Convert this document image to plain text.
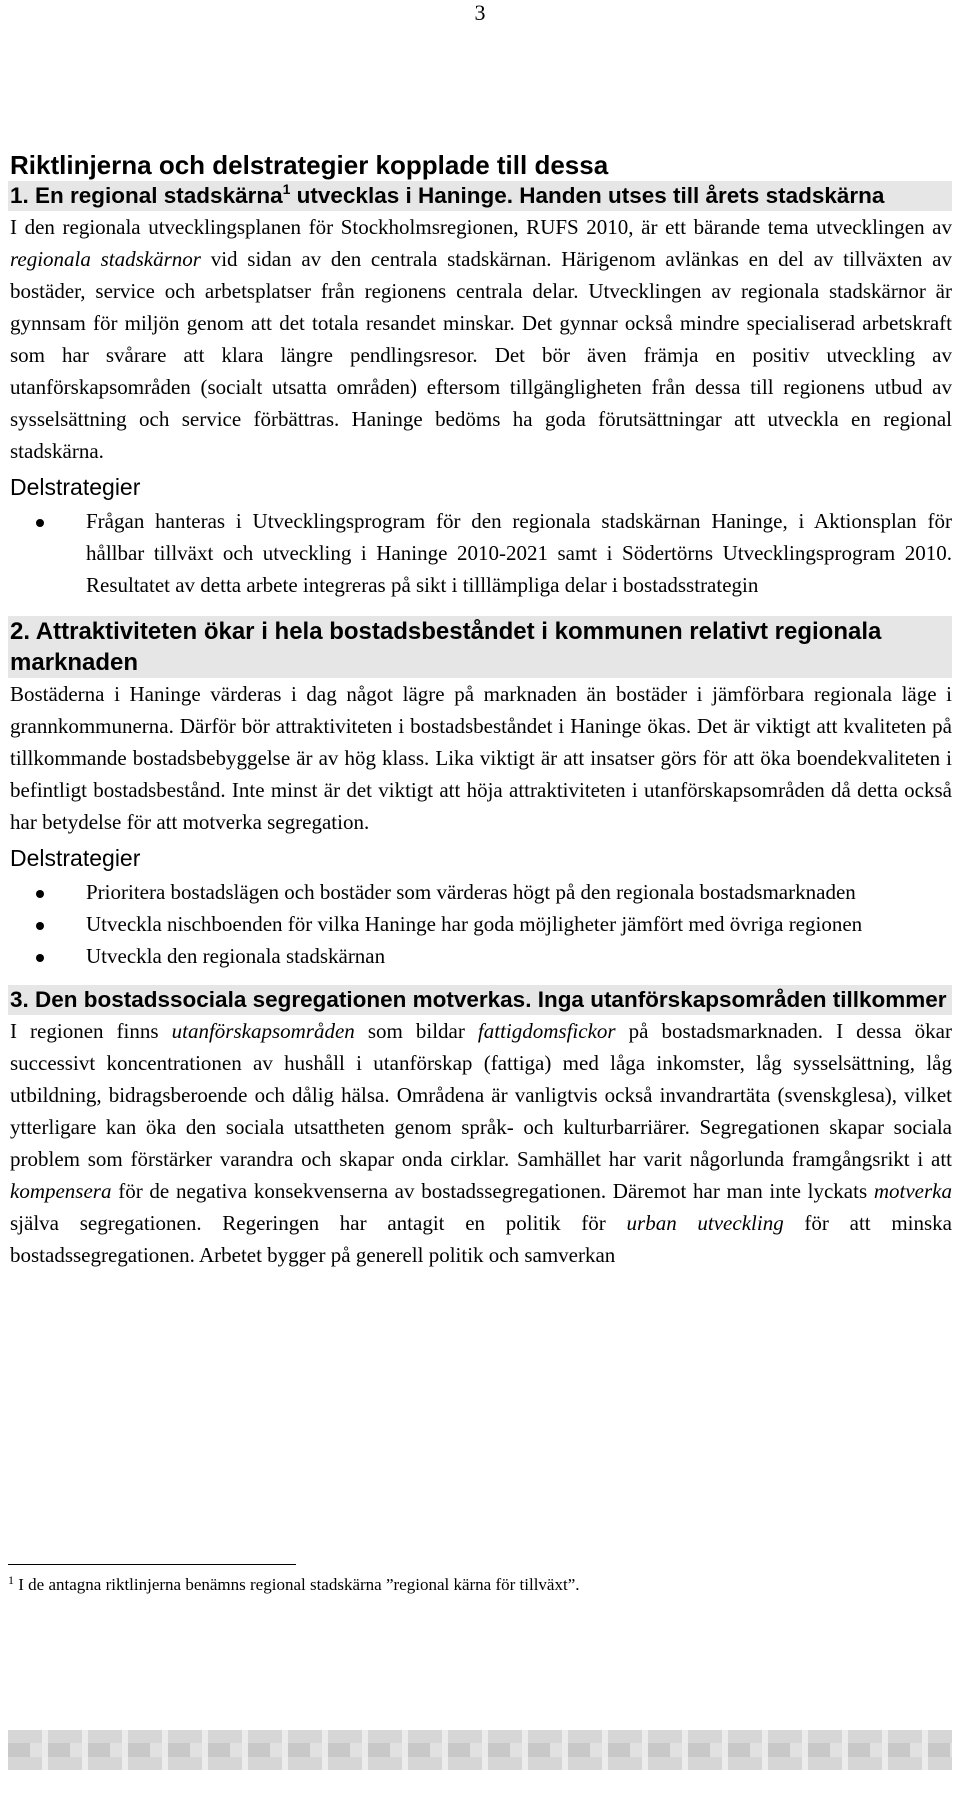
3
Riktlinjerna och delstrategier kopplade till dessa
1. En regional stadskärna$^1$ utvecklas i Haninge. Handen utses till årets stadskärna

I den regionala utvecklingsplanen för Stockholmsregionen, RUFS 2010, är ett bärande tema utvecklingen av regionala stadskärnor vid sidan av den centrala stadskärnan. Härigenom avlänkas en del av tillväxten av bostäder, service och arbetsplatser från regionens centrala delar. Utvecklingen av regionala stadskärnor är gynnsam för miljön genom att det totala resandet minskar. Det gynnar också mindre specialiserad arbetskraft som har svårare att klara längre pendlingsresor. Det bör även främja en positiv utveckling av utanförskapsområden (socialt utsatta områden) eftersom tillgängligheten från dessa till regionens utbud av sysselsättning och service förbättras. Haninge bedöms ha goda förutsättningar att utveckla en regional stadskärna.

Delstrategier
Frågan hanteras i Utvecklingsprogram för den regionala stadskärnan Haninge, i Aktionsplan för hållbar tillväxt och utveckling i Haninge 2010-2021 samt i Södertörns Utvecklingsprogram 2010. Resultatet av detta arbete integreras på sikt i tilllämpliga delar i bostadsstrategin
2. Attraktiviteten ökar i hela bostadsbeståndet i kommunen relativt regionala marknaden

Bostäderna i Haninge värderas i dag något lägre på marknaden än bostäder i jämförbara regionala läge i grannkommunerna. Därför bör attraktiviteten i bostadsbeståndet i Haninge ökas. Det är viktigt att kvaliteten på tillkommande bostadsbebyggelse är av hög klass. Lika viktigt är att insatser görs för att öka boendekvaliteten i befintligt bostadsbestånd. Inte minst är det viktigt att höja attraktiviteten i utanförskapsområden då detta också har betydelse för att motverka segregation.

Delstrategier
Prioritera bostadslägen och bostäder som värderas högt på den regionala bostadsmarknaden
Utveckla nischboenden för vilka Haninge har goda möjligheter jämfört med övriga regionen
Utveckla den regionala stadskärnan
3. Den bostadssociala segregationen motverkas. Inga utanförskapsområden tillkommer

I regionen finns utanförskapsområden som bildar fattigdomsfickor på bostadsmarknaden. I dessa ökar successivt koncentrationen av hushåll i utanförskap (fattiga) med låga inkomster, låg sysselsättning, låg utbildning, bidragsberoende och dålig hälsa. Områdena är vanligtvis också invandrartäta (svenskglesa), vilket ytterligare kan öka den sociala utsattheten genom språk- och kulturbarriärer. Segregationen skapar sociala problem som förstärker varandra och skapar onda cirklar. Samhället har varit någorlunda framgångsrikt i att kompensera för de negativa konsekvenserna av bostadssegregationen. Däremot har man inte lyckats motverka själva segregationen. Regeringen har antagit en politik för urban utveckling för att minska bostadssegregationen. Arbetet bygger på generell politik och samverkan

$^1$ I de antagna riktlinjerna benämns regional stadskärna ”regional kärna för tillväxt”.
